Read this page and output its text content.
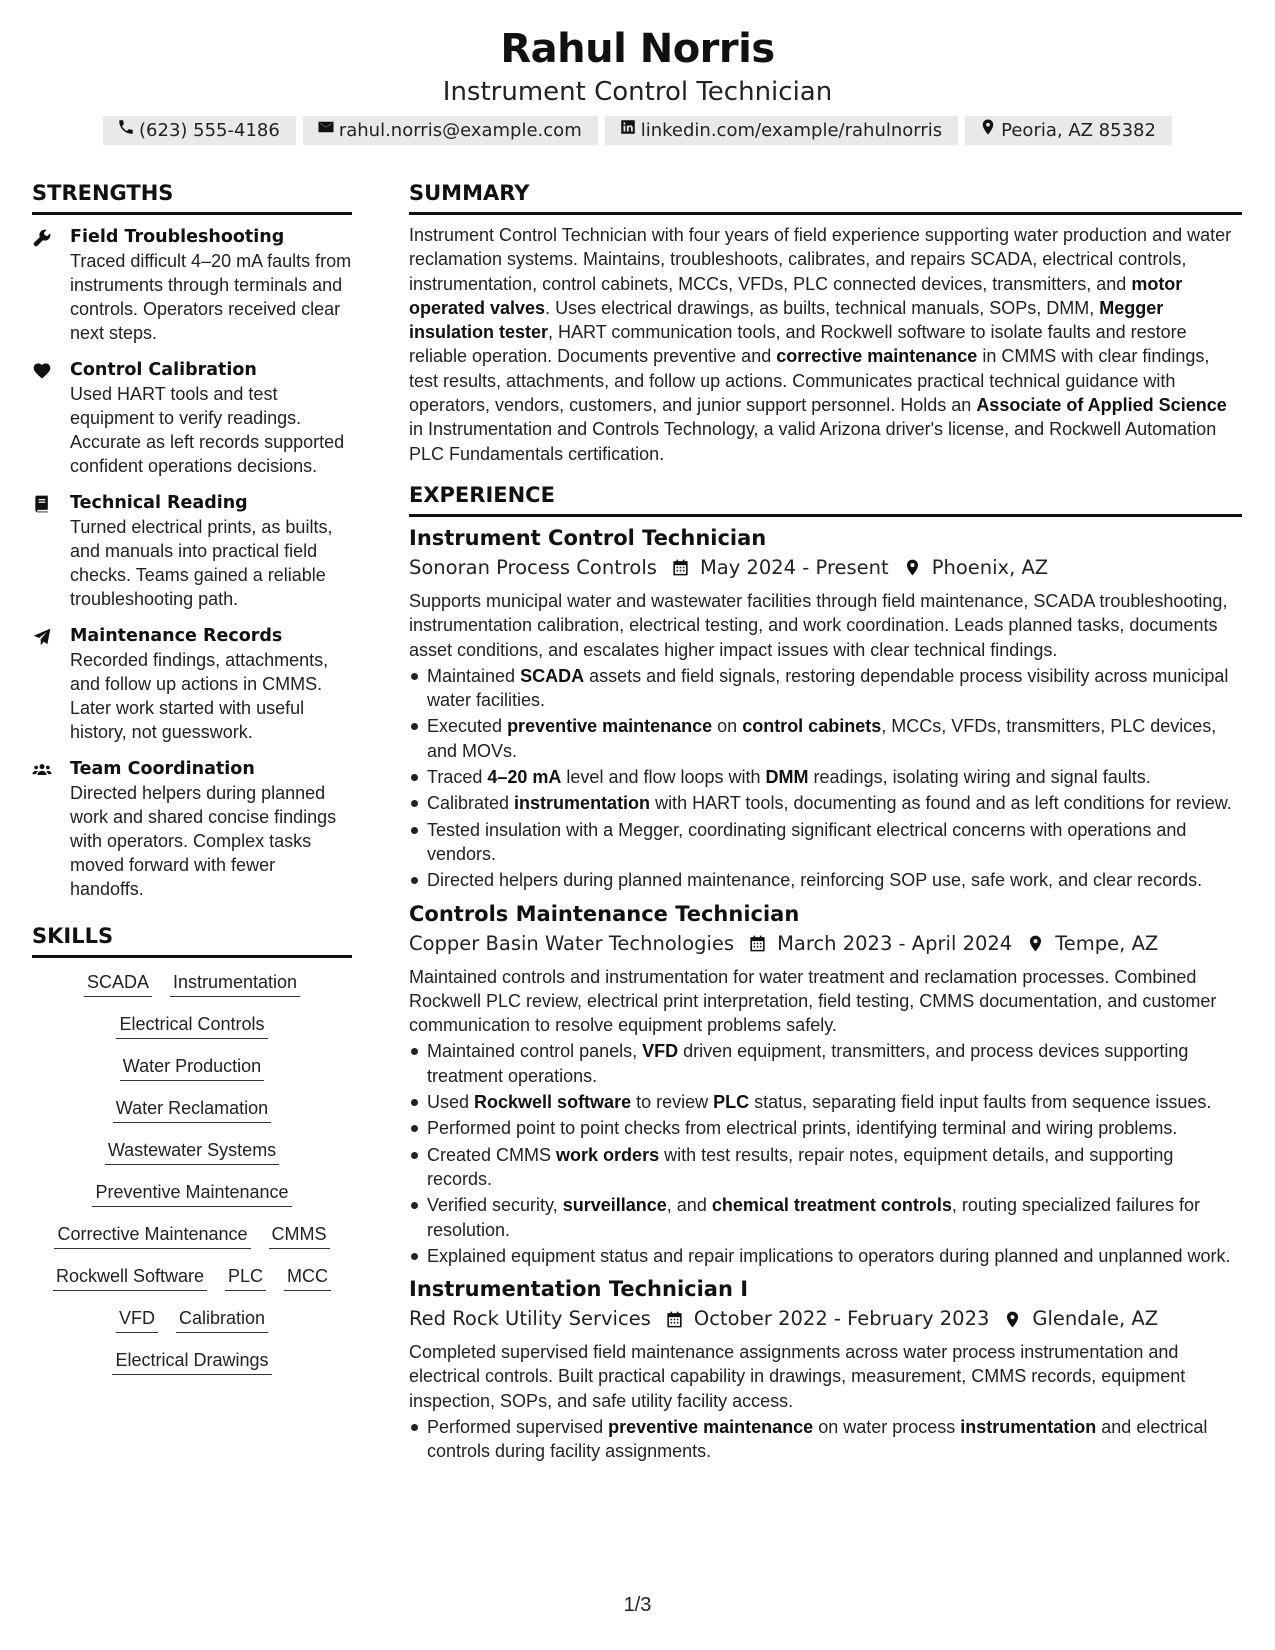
Rahul Norris
Instrument Control Technician
(623) 555-4186	rahul.norris@example.com	linkedin.com/example/rahulnorris	Peoria, AZ 85382
STRENGTHS
Field Troubleshooting
Traced difficult 4–20 mA faults from instruments through terminals and controls. Operators received clear next steps.
Control Calibration
Used HART tools and test equipment to verify readings. Accurate as left records supported confident operations decisions.
Technical Reading
Turned electrical prints, as builts, and manuals into practical field checks. Teams gained a reliable troubleshooting path.
Maintenance Records
Recorded findings, attachments, and follow up actions in CMMS. Later work started with useful history, not guesswork.
Team Coordination
Directed helpers during planned work and shared concise findings with operators. Complex tasks moved forward with fewer handoffs.
SKILLS
SCADA Instrumentation
Electrical Controls
Water Production
Water Reclamation
Wastewater Systems
Preventive Maintenance
Corrective Maintenance CMMS
Rockwell Software PLC MCC
VFD Calibration
Electrical Drawings
SUMMARY
Instrument Control Technician with four years of field experience supporting water production and water reclamation systems. Maintains, troubleshoots, calibrates, and repairs SCADA, electrical controls, instrumentation, control cabinets, MCCs, VFDs, PLC connected devices, transmitters, and motor operated valves. Uses electrical drawings, as builts, technical manuals, SOPs, DMM, Megger insulation tester, HART communication tools, and Rockwell software to isolate faults and restore reliable operation. Documents preventive and corrective maintenance in CMMS with clear findings, test results, attachments, and follow up actions. Communicates practical technical guidance with operators, vendors, customers, and junior support personnel. Holds an Associate of Applied Science in Instrumentation and Controls Technology, a valid Arizona driver's license, and Rockwell Automation PLC Fundamentals certification.
EXPERIENCE
Instrument Control Technician
Sonoran Process Controls May 2024 - Present Phoenix, AZ
Supports municipal water and wastewater facilities through field maintenance, SCADA troubleshooting, instrumentation calibration, electrical testing, and work coordination. Leads planned tasks, documents asset conditions, and escalates higher impact issues with clear technical findings.
Maintained SCADA assets and field signals, restoring dependable process visibility across municipal water facilities.
Executed preventive maintenance on control cabinets, MCCs, VFDs, transmitters, PLC devices, and MOVs.
Traced 4–20 mA level and flow loops with DMM readings, isolating wiring and signal faults.
Calibrated instrumentation with HART tools, documenting as found and as left conditions for review.
Tested insulation with a Megger, coordinating significant electrical concerns with operations and vendors.
Directed helpers during planned maintenance, reinforcing SOP use, safe work, and clear records.
Controls Maintenance Technician
Copper Basin Water Technologies March 2023 - April 2024 Tempe, AZ
Maintained controls and instrumentation for water treatment and reclamation processes. Combined Rockwell PLC review, electrical print interpretation, field testing, CMMS documentation, and customer communication to resolve equipment problems safely.
Maintained control panels, VFD driven equipment, transmitters, and process devices supporting treatment operations.
Used Rockwell software to review PLC status, separating field input faults from sequence issues.
Performed point to point checks from electrical prints, identifying terminal and wiring problems.
Created CMMS work orders with test results, repair notes, equipment details, and supporting records.
Verified security, surveillance, and chemical treatment controls, routing specialized failures for resolution.
Explained equipment status and repair implications to operators during planned and unplanned work.
Instrumentation Technician I
Red Rock Utility Services October 2022 - February 2023 Glendale, AZ
Completed supervised field maintenance assignments across water process instrumentation and electrical controls. Built practical capability in drawings, measurement, CMMS records, equipment inspection, SOPs, and safe utility facility access.
Performed supervised preventive maintenance on water process instrumentation and electrical controls during facility assignments.
1/3
